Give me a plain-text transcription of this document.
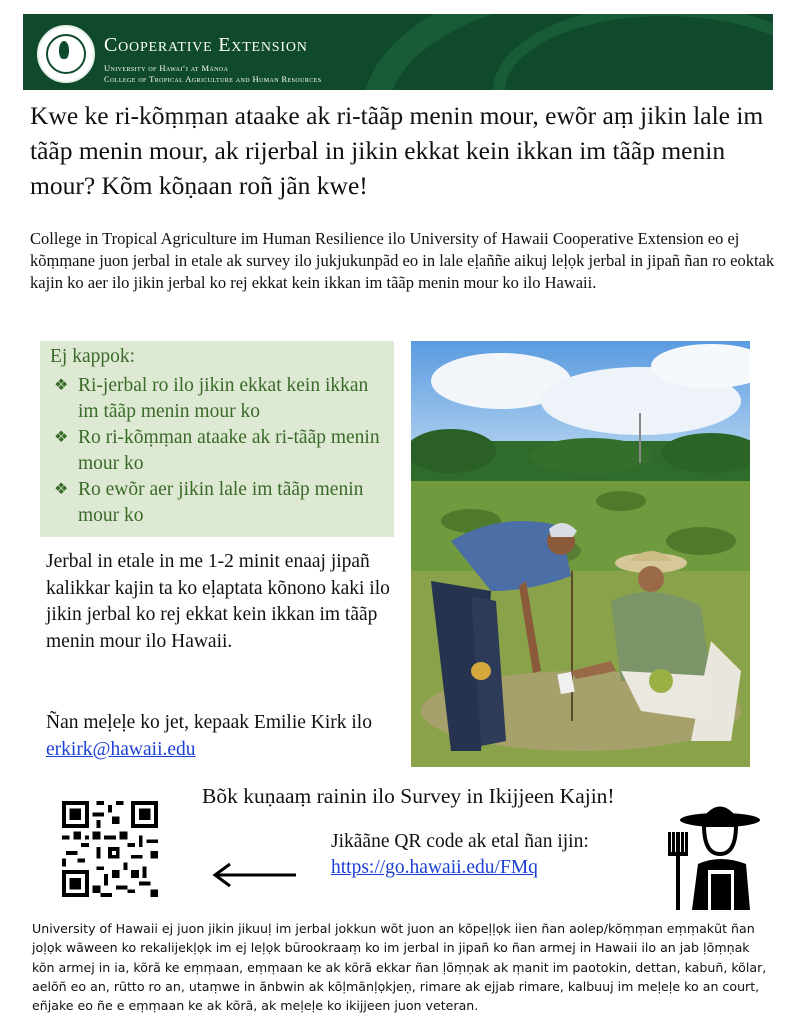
Cooperative Extension
University of Hawai‘i at Mānoa
College of Tropical Agriculture and Human Resources
Kwe ke ri-kõṃṃan ataake ak ri-tããp menin mour, ewõr aṃ jikin lale im tããp menin mour, ak rijerbal in jikin ekkat kein ikkan im tããp menin mour? Kõm kõṇaan roñ jãn kwe!
College in Tropical Agriculture im Human Resilience ilo University of Hawaii Cooperative Extension eo ej kõṃṃane juon jerbal in etale ak survey ilo jukjukunpãd eo in lale eḷaññe aikuj leḷọk jerbal in jipañ ñan ro eoktak kajin ko aer ilo jikin jerbal ko rej ekkat kein ikkan im tããp menin mour ko ilo Hawaii.
Ej kappok:
❖ Ri-jerbal ro ilo jikin ekkat kein ikkan im tããp menin mour ko
❖ Ro ri-kõṃṃan ataake ak ri-tããp menin mour ko
❖ Ro ewõr aer jikin lale im tããp menin mour ko
Jerbal in etale in me 1-2 minit enaaj jipañ kalikkar kajin ta ko eḷaptata kõnono kaki ilo jikin jerbal ko rej ekkat kein ikkan im tããp menin mour ilo Hawaii.
Ñan meḷeḷe ko jet, kepaak Emilie Kirk ilo erkirk@hawaii.edu
Bõk kuṇaaṃ rainin ilo Survey in Ikijjeen Kajin!
Jikããne QR code ak etal ñan ijin:
https://go.hawaii.edu/FMq
University of Hawaii ej juon jikin jikuuḷ im jerbal jokkun wõt juon an kõpeḷḷọk iien ñan aolep/kõṃṃan eṃṃakũt ñan joḷọk wãween ko rekalijekḷọk im ej leḷọk būrookraaṃ ko im jerbal in jipañ ko ñan armej in Hawaii ilo an jab ḷõṃṇak kõn armej in ia, kõrã ke eṃṃaan, eṃṃaan ke ak kõrã ekkar ñan ḷõṃṇak ak ṃanit im paotokin, dettan, kabuñ, kõlar, aelõñ eo an, rũtto ro an, utaṃwe in ãnbwin ak kõḷmãnḷọkjeṇ, rimare ak ejjab rimare, kalbuuj im meḷeḷe ko an court, eñjake eo ñe e eṃṃaan ke ak kõrã, ak meḷeḷe ko ikijjeen juon veteran.
